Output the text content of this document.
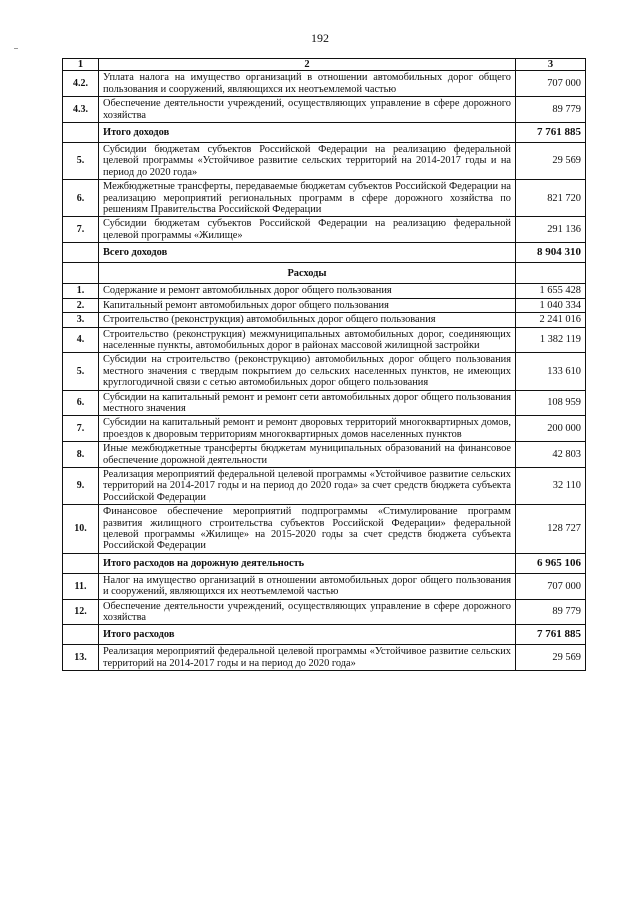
192
1	2	3
4.2.	Уплата налога на имущество организаций в отношении автомобильных дорог общего пользования и сооружений, являющихся их неотъемлемой частью	707 000
4.3.	Обеспечение деятельности учреждений, осуществляющих управление в сфере дорожного хозяйства	89 779
	Итого доходов	7 761 885
5.	Субсидии бюджетам субъектов Российской Федерации на реализацию федеральной целевой программы «Устойчивое развитие сельских территорий на 2014-2017 годы и на период до 2020 года»	29 569
6.	Межбюджетные трансферты, передаваемые бюджетам субъектов Российской Федерации на реализацию мероприятий региональных программ в сфере дорожного хозяйства по решениям Правительства Российской Федерации	821 720
7.	Субсидии бюджетам субъектов Российской Федерации на реализацию федеральной целевой программы «Жилище»	291 136
	Всего доходов	8 904 310
	Расходы	
1.	Содержание и ремонт автомобильных дорог общего пользования	1 655 428
2.	Капитальный ремонт автомобильных дорог общего пользования	1 040 334
3.	Строительство (реконструкция) автомобильных дорог общего пользования	2 241 016
4.	Строительство (реконструкция) межмуниципальных автомобильных дорог, соединяющих населенные пункты, автомобильных дорог в районах массовой жилищной застройки	1 382 119
5.	Субсидии на строительство (реконструкцию) автомобильных дорог общего пользования местного значения с твердым покрытием до сельских населенных пунктов, не имеющих круглогодичной связи с сетью автомобильных дорог общего пользования	133 610
6.	Субсидии на капитальный ремонт и ремонт сети автомобильных дорог общего пользования местного значения	108 959
7.	Субсидии на капитальный ремонт и ремонт дворовых территорий многоквартирных домов, проездов к дворовым территориям многоквартирных домов населенных пунктов	200 000
8.	Иные межбюджетные трансферты бюджетам муниципальных образований на финансовое обеспечение дорожной деятельности	42 803
9.	Реализация мероприятий федеральной целевой программы «Устойчивое развитие сельских территорий на 2014-2017 годы и на период до 2020 года» за счет средств бюджета субъекта Российской Федерации	32 110
10.	Финансовое обеспечение мероприятий подпрограммы «Стимулирование программ развития жилищного строительства субъектов Российской Федерации» федеральной целевой программы «Жилище» на 2015-2020 годы за счет средств бюджета субъекта Российской Федерации	128 727
	Итого расходов на дорожную деятельность	6 965 106
11.	Налог на имущество организаций в отношении автомобильных дорог общего пользования и сооружений, являющихся их неотъемлемой частью	707 000
12.	Обеспечение деятельности учреждений, осуществляющих управление в сфере дорожного хозяйства	89 779
	Итого расходов	7 761 885
13.	Реализация мероприятий федеральной целевой программы «Устойчивое развитие сельских территорий на 2014-2017 годы и на период до 2020 года»	29 569
